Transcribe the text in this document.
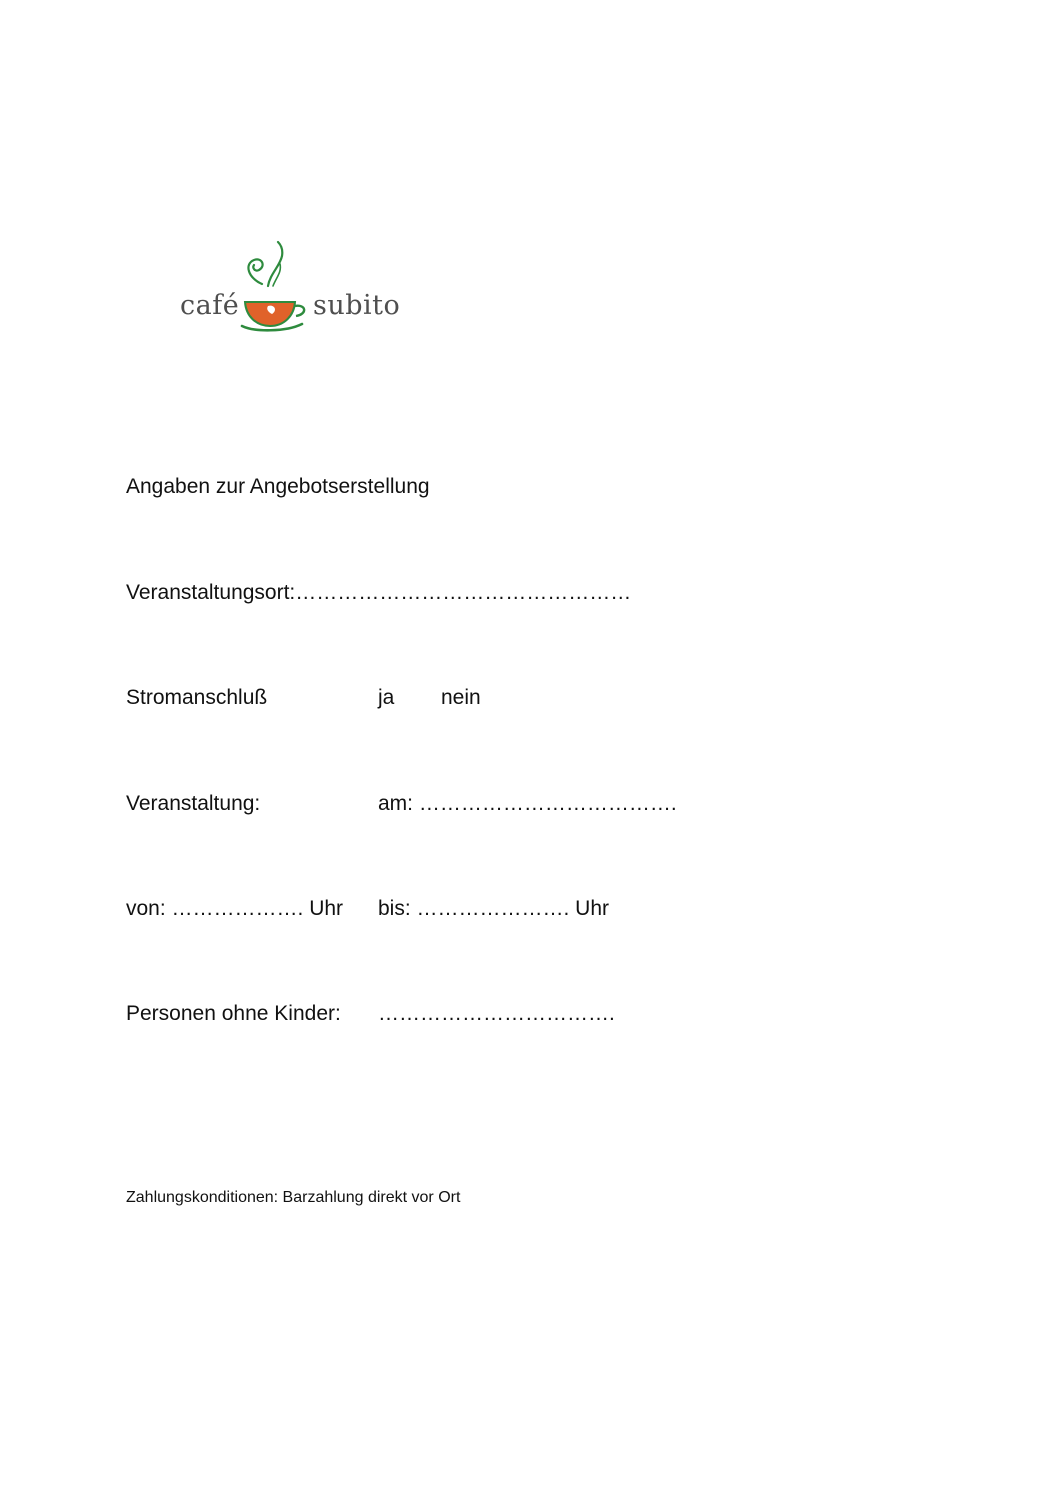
café	subito
Angaben zur Angebotserstellung
Veranstaltungsort:…………………………………………
Stromanschluß	ja nein
Veranstaltung:	am: ……………………………….
von: ………………. Uhr bis: …………………. Uhr
Personen ohne Kinder: …………………………….
Zahlungskonditionen: Barzahlung direkt vor Ort
